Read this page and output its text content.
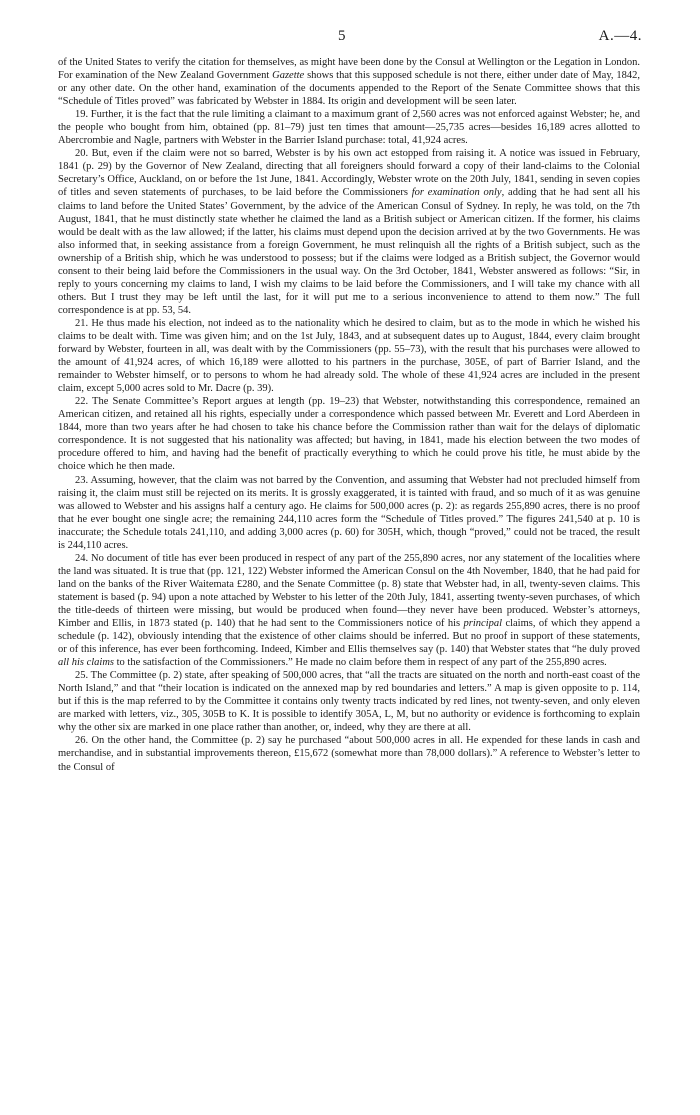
5	A.—4.

of the United States to verify the citation for themselves, as might have been done by the Consul at Wellington or the Legation in London. For examination of the New Zealand Government Gazette shows that this supposed schedule is not there, either under date of May, 1842, or any other date. On the other hand, examination of the documents appended to the Report of the Senate Committee shows that this “Schedule of Titles proved” was fabricated by Webster in 1884. Its origin and development will be seen later.

19. Further, it is the fact that the rule limiting a claimant to a maximum grant of 2,560 acres was not enforced against Webster; he, and the people who bought from him, obtained (pp. 81–79) just ten times that amount—25,735 acres—besides 16,189 acres allotted to Abercrombie and Nagle, partners with Webster in the Barrier Island purchase: total, 41,924 acres.

20. But, even if the claim were not so barred, Webster is by his own act estopped from raising it. A notice was issued in February, 1841 (p. 29) by the Governor of New Zealand, directing that all foreigners should forward a copy of their land-claims to the Colonial Secretary’s Office, Auckland, on or before the 1st June, 1841. Accordingly, Webster wrote on the 20th July, 1841, sending in seven copies of titles and seven statements of purchases, to be laid before the Commissioners for examination only, adding that he had sent all his claims to land before the United States’ Government, by the advice of the American Consul of Sydney. In reply, he was told, on the 7th August, 1841, that he must distinctly state whether he claimed the land as a British subject or American citizen. If the former, his claims would be dealt with as the law allowed; if the latter, his claims must depend upon the decision arrived at by the two Governments. He was also informed that, in seeking assistance from a foreign Government, he must relinquish all the rights of a British subject, such as the ownership of a British ship, which he was understood to possess; but if the claims were lodged as a British subject, the Governor would consent to their being laid before the Commissioners in the usual way. On the 3rd October, 1841, Webster answered as follows: “Sir, in reply to yours concerning my claims to land, I wish my claims to be laid before the Commissioners, and I will take my chance with all others. But I trust they may be left until the last, for it will put me to a serious inconvenience to attend to them now.” The full correspondence is at pp. 53, 54.

21. He thus made his election, not indeed as to the nationality which he desired to claim, but as to the mode in which he wished his claims to be dealt with. Time was given him; and on the 1st July, 1843, and at subsequent dates up to August, 1844, every claim brought forward by Webster, fourteen in all, was dealt with by the Commissioners (pp. 55–73), with the result that his purchases were allowed to the amount of 41,924 acres, of which 16,189 were allotted to his partners in the purchase, 305E, of part of Barrier Island, and the remainder to Webster himself, or to persons to whom he had already sold. The whole of these 41,924 acres are included in the present claim, except 5,000 acres sold to Mr. Dacre (p. 39).

22. The Senate Committee’s Report argues at length (pp. 19–23) that Webster, notwithstanding this correspondence, remained an American citizen, and retained all his rights, especially under a correspondence which passed between Mr. Everett and Lord Aberdeen in 1844, more than two years after he had chosen to take his chance before the Commission rather than wait for the delays of diplomatic correspondence. It is not suggested that his nationality was affected; but having, in 1841, made his election between the two modes of procedure offered to him, and having had the benefit of practically everything to which he could prove his title, he must abide by the choice which he then made.

23. Assuming, however, that the claim was not barred by the Convention, and assuming that Webster had not precluded himself from raising it, the claim must still be rejected on its merits. It is grossly exaggerated, it is tainted with fraud, and so much of it as was genuine was allowed to Webster and his assigns half a century ago. He claims for 500,000 acres (p. 2): as regards 255,890 acres, there is no proof that he ever bought one single acre; the remaining 244,110 acres form the “Schedule of Titles proved.” The figures 241,540 at p. 10 is inaccurate; the Schedule totals 241,110, and adding 3,000 acres (p. 60) for 305H, which, though “proved,” could not be traced, the result is 244,110 acres.

24. No document of title has ever been produced in respect of any part of the 255,890 acres, nor any statement of the localities where the land was situated. It is true that (pp. 121, 122) Webster informed the American Consul on the 4th November, 1840, that he had paid for land on the banks of the River Waitemata £280, and the Senate Committee (p. 8) state that Webster had, in all, twenty-seven claims. This statement is based (p. 94) upon a note attached by Webster to his letter of the 20th July, 1841, asserting twenty-seven purchases, of which the title-deeds of thirteen were missing, but would be produced when found—they never have been produced. Webster’s attorneys, Kimber and Ellis, in 1873 stated (p. 140) that he had sent to the Commissioners notice of his principal claims, of which they append a schedule (p. 142), obviously intending that the existence of other claims should be inferred. But no proof in support of these statements, or of this inference, has ever been forthcoming. Indeed, Kimber and Ellis themselves say (p. 140) that Webster states that “he duly proved all his claims to the satisfaction of the Commissioners.” He made no claim before them in respect of any part of the 255,890 acres.

25. The Committee (p. 2) state, after speaking of 500,000 acres, that “all the tracts are situated on the north and north-east coast of the North Island,” and that “their location is indicated on the annexed map by red boundaries and letters.” A map is given opposite to p. 114, but if this is the map referred to by the Committee it contains only twenty tracts indicated by red lines, not twenty-seven, and only eleven are marked with letters, viz., 305, 305B to K. It is possible to identify 305A, L, M, but no authority or evidence is forthcoming to explain why the other six are marked in one place rather than another, or, indeed, why they are there at all.

26. On the other hand, the Committee (p. 2) say he purchased “about 500,000 acres in all. He expended for these lands in cash and merchandise, and in substantial improvements thereon, £15,672 (somewhat more than 78,000 dollars).” A reference to Webster’s letter to the Consul of
